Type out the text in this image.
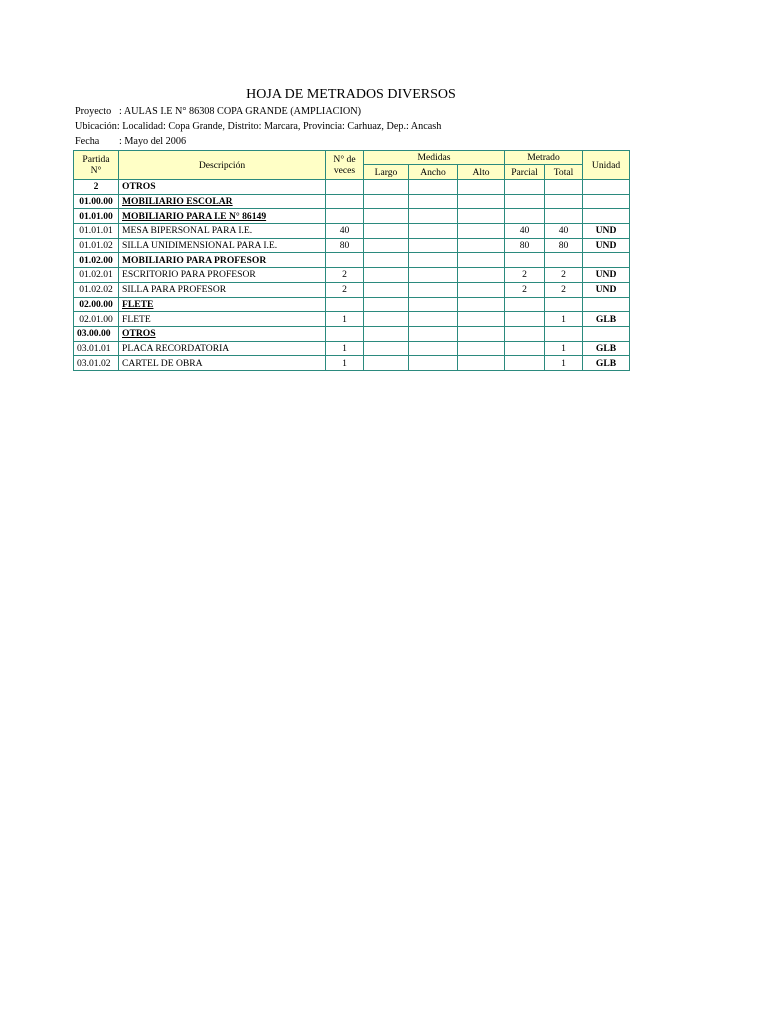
HOJA DE METRADOS DIVERSOS
Proyecto : AULAS I.E N° 86308 COPA GRANDE (AMPLIACION)
Ubicación: Localidad: Copa Grande, Distrito: Marcara, Provincia: Carhuaz, Dep.: Ancash
Fecha : Mayo del 2006
Partida N°	Descripción	N° de veces	Medidas			Metrado		Unidad
			Largo	Ancho	Alto	Parcial	Total	
2	OTROS							
01.00.00	MOBILIARIO ESCOLAR							
01.01.00	MOBILIARIO PARA I.E N° 86149							
01.01.01	MESA BIPERSONAL PARA I.E.	40				40	40	UND
01.01.02	SILLA UNIDIMENSIONAL PARA I.E.	80				80	80	UND
01.02.00	MOBILIARIO PARA PROFESOR							
01.02.01	ESCRITORIO PARA PROFESOR	2				2	2	UND
01.02.02	SILLA PARA PROFESOR	2				2	2	UND
02.00.00	FLETE							
02.01.00	FLETE	1					1	GLB
03.00.00	OTROS							
03.01.01	PLACA RECORDATORIA	1					1	GLB
03.01.02	CARTEL DE OBRA	1					1	GLB
